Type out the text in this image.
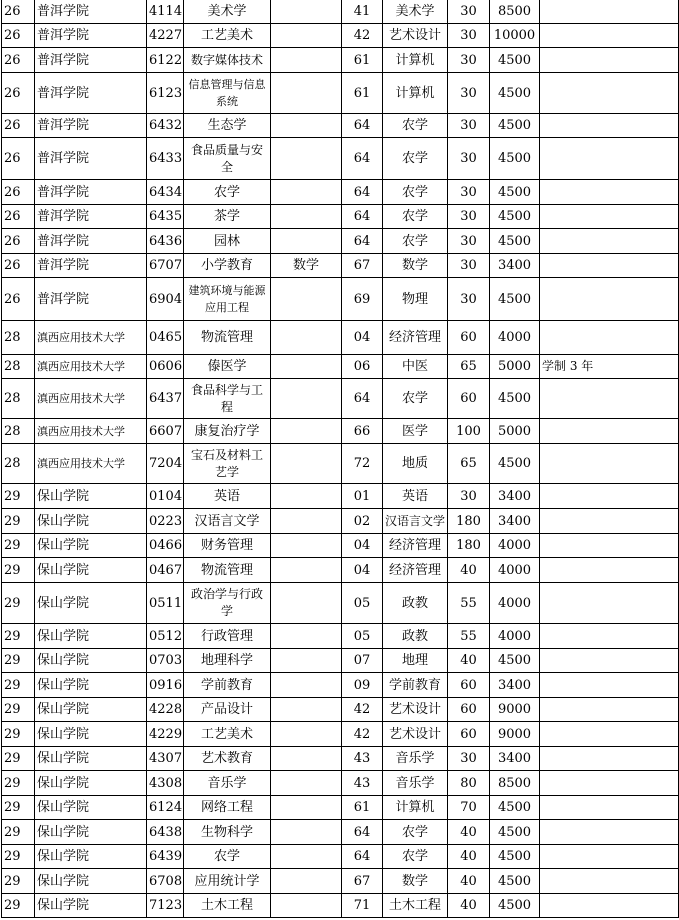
26	普洱学院	4114	美术学		41	美术学	30	8500	
26	普洱学院	4227	工艺美术		42	艺术设计	30	10000	
26	普洱学院	6122	数字媒体技术		61	计算机	30	4500	
26	普洱学院	6123	信息管理与信息系统		61	计算机	30	4500	
26	普洱学院	6432	生态学		64	农学	30	4500	
26	普洱学院	6433	食品质量与安全		64	农学	30	4500	
26	普洱学院	6434	农学		64	农学	30	4500	
26	普洱学院	6435	茶学		64	农学	30	4500	
26	普洱学院	6436	园林		64	农学	30	4500	
26	普洱学院	6707	小学教育	数学	67	数学	30	3400	
26	普洱学院	6904	建筑环境与能源应用工程		69	物理	30	4500	
28	滇西应用技术大学	0465	物流管理		04	经济管理	60	4000	
28	滇西应用技术大学	0606	傣医学		06	中医	65	5000	学制 3 年
28	滇西应用技术大学	6437	食品科学与工程		64	农学	60	4500	
28	滇西应用技术大学	6607	康复治疗学		66	医学	100	5000	
28	滇西应用技术大学	7204	宝石及材料工艺学		72	地质	65	4500	
29	保山学院	0104	英语		01	英语	30	3400	
29	保山学院	0223	汉语言文学		02	汉语言文学	180	3400	
29	保山学院	0466	财务管理		04	经济管理	180	4000	
29	保山学院	0467	物流管理		04	经济管理	40	4000	
29	保山学院	0511	政治学与行政学		05	政教	55	4000	
29	保山学院	0512	行政管理		05	政教	55	4000	
29	保山学院	0703	地理科学		07	地理	40	4500	
29	保山学院	0916	学前教育		09	学前教育	60	3400	
29	保山学院	4228	产品设计		42	艺术设计	60	9000	
29	保山学院	4229	工艺美术		42	艺术设计	60	9000	
29	保山学院	4307	艺术教育		43	音乐学	30	3400	
29	保山学院	4308	音乐学		43	音乐学	80	8500	
29	保山学院	6124	网络工程		61	计算机	70	4500	
29	保山学院	6438	生物科学		64	农学	40	4500	
29	保山学院	6439	农学		64	农学	40	4500	
29	保山学院	6708	应用统计学		67	数学	40	4500	
29	保山学院	7123	土木工程		71	土木工程	40	4500	
